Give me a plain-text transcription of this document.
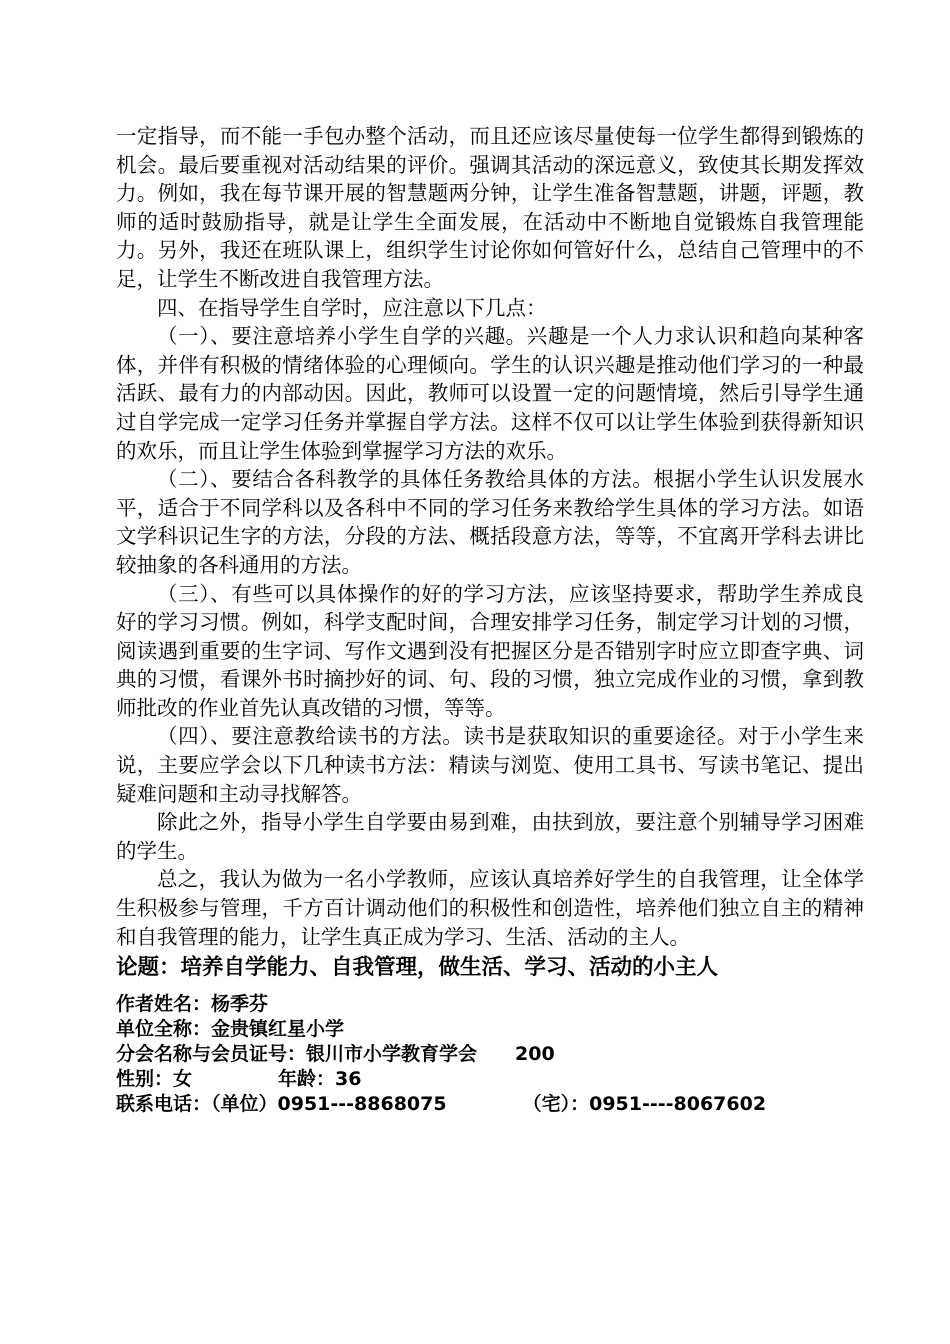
一定指导，而不能一手包办整个活动，而且还应该尽量使每一位学生都得到锻炼的机会。最后要重视对活动结果的评价。强调其活动的深远意义，致使其长期发挥效力。例如，我在每节课开展的智慧题两分钟，让学生准备智慧题，讲题，评题，教师的适时鼓励指导，就是让学生全面发展，在活动中不断地自觉锻炼自我管理能力。另外，我还在班队课上，组织学生讨论你如何管好什么，总结自己管理中的不足，让学生不断改进自我管理方法。

四、在指导学生自学时，应注意以下几点：

（一）、要注意培养小学生自学的兴趣。兴趣是一个人力求认识和趋向某种客体，并伴有积极的情绪体验的心理倾向。学生的认识兴趣是推动他们学习的一种最活跃、最有力的内部动因。因此，教师可以设置一定的问题情境，然后引导学生通过自学完成一定学习任务并掌握自学方法。这样不仅可以让学生体验到获得新知识的欢乐，而且让学生体验到掌握学习方法的欢乐。

（二）、要结合各科教学的具体任务教给具体的方法。根据小学生认识发展水平，适合于不同学科以及各科中不同的学习任务来教给学生具体的学习方法。如语文学科识记生字的方法，分段的方法、概括段意方法，等等，不宜离开学科去讲比较抽象的各科通用的方法。

（三）、有些可以具体操作的好的学习方法，应该坚持要求，帮助学生养成良好的学习习惯。例如，科学支配时间，合理安排学习任务，制定学习计划的习惯，阅读遇到重要的生字词、写作文遇到没有把握区分是否错别字时应立即查字典、词典的习惯，看课外书时摘抄好的词、句、段的习惯，独立完成作业的习惯，拿到教师批改的作业首先认真改错的习惯，等等。

（四）、要注意教给读书的方法。读书是获取知识的重要途径。对于小学生来说，主要应学会以下几种读书方法：精读与浏览、使用工具书、写读书笔记、提出疑难问题和主动寻找解答。

除此之外，指导小学生自学要由易到难，由扶到放，要注意个别辅导学习困难的学生。

总之，我认为做为一名小学教师，应该认真培养好学生的自我管理，让全体学生积极参与管理，千方百计调动他们的积极性和创造性，培养他们独立自主的精神和自我管理的能力，让学生真正成为学习、生活、活动的主人。

论题：培养自学能力、自我管理，做生活、学习、活动的小主人
作者姓名：杨季芬
单位全称：金贵镇红星小学
分会名称与会员证号：银川市小学教育学会 200
性别：女	年龄：36
联系电话：（单位）0951---8868075	（宅）：0951----8067602
